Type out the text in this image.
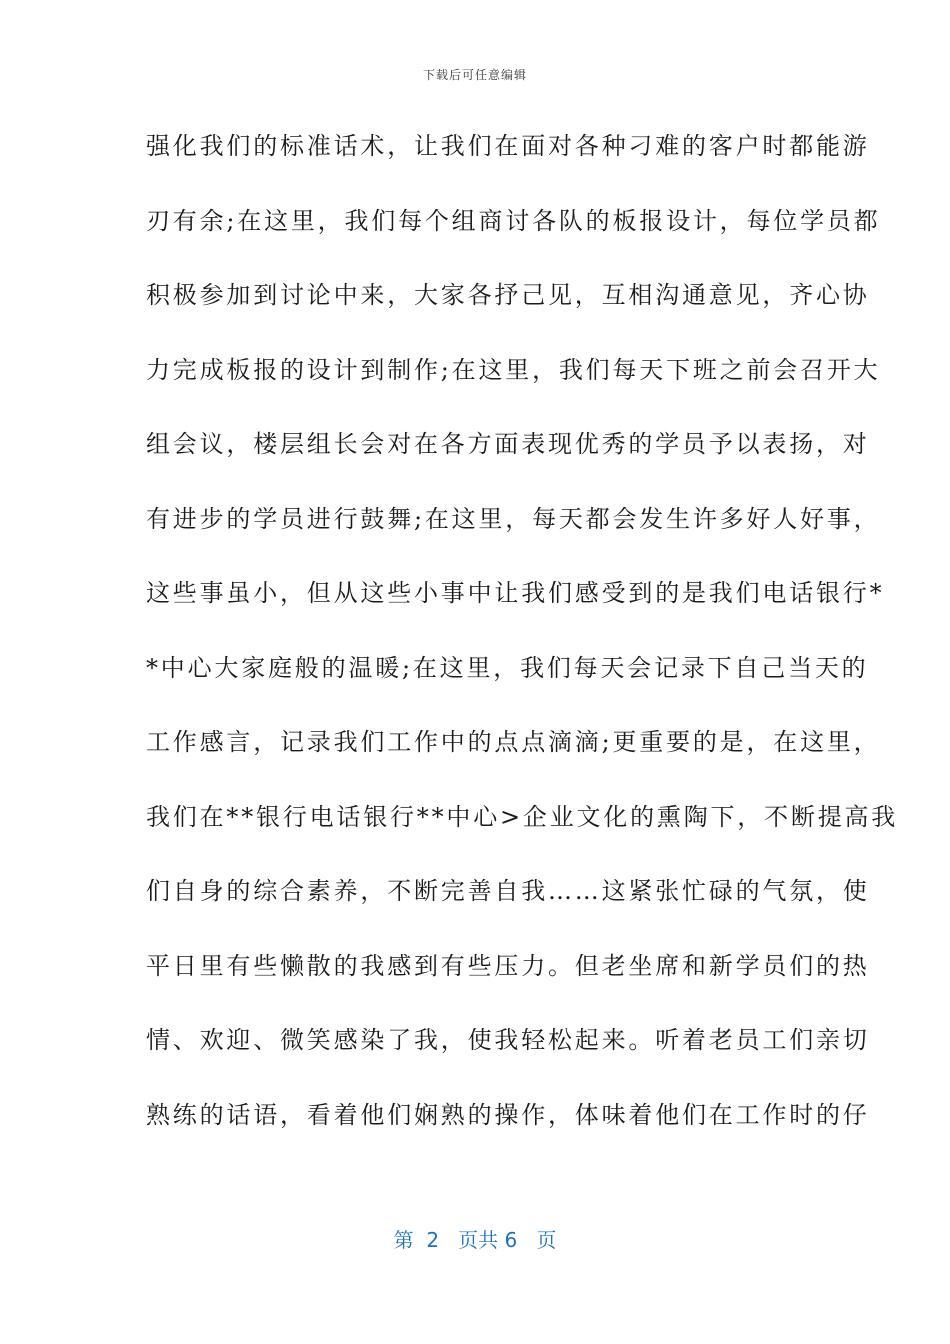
下载后可任意编辑
强化我们的标准话术，让我们在面对各种刁难的客户时都能游
刃有余;在这里，我们每个组商讨各队的板报设计，每位学员都
积极参加到讨论中来，大家各抒己见，互相沟通意见，齐心协
力完成板报的设计到制作;在这里，我们每天下班之前会召开大
组会议，楼层组长会对在各方面表现优秀的学员予以表扬，对
有进步的学员进行鼓舞;在这里，每天都会发生许多好人好事，
这些事虽小，但从这些小事中让我们感受到的是我们电话银行*
*中心大家庭般的温暖;在这里，我们每天会记录下自己当天的
工作感言，记录我们工作中的点点滴滴;更重要的是，在这里，
我们在**银行电话银行**中心>企业文化的熏陶下，不断提高我
们自身的综合素养，不断完善自我……这紧张忙碌的气氛，使
平日里有些懒散的我感到有些压力。但老坐席和新学员们的热
情、欢迎、微笑感染了我，使我轻松起来。听着老员工们亲切
熟练的话语，看着他们娴熟的操作，体味着他们在工作时的仔
第  2   页共 6   页
